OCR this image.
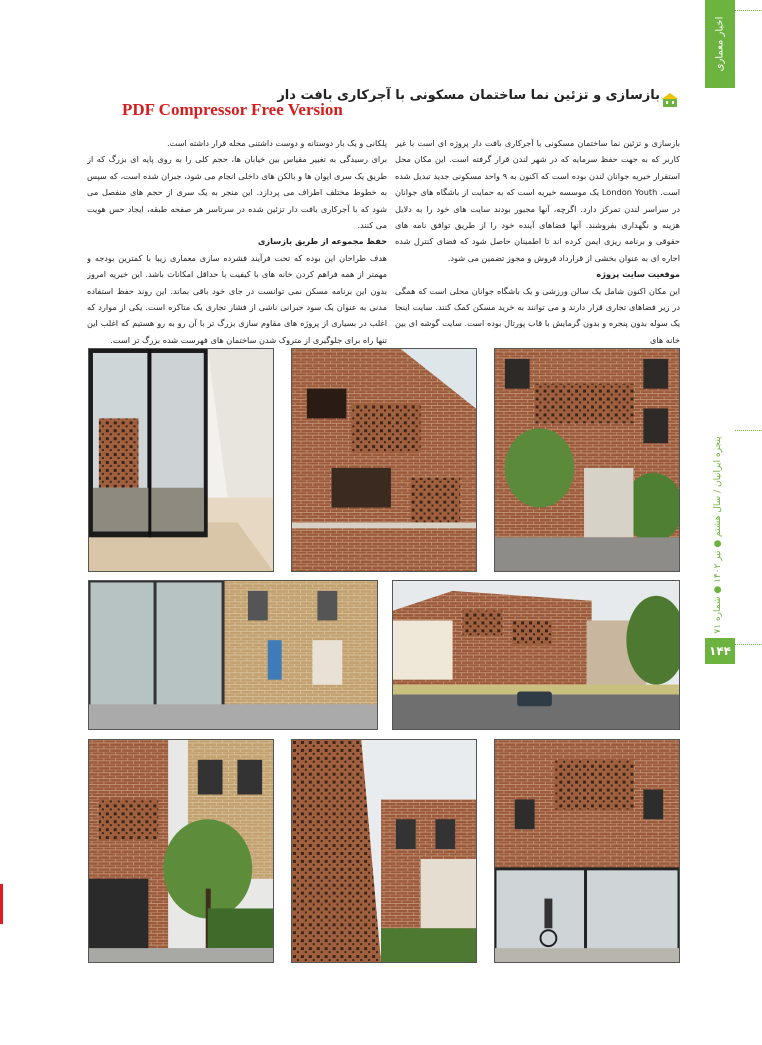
اخبار معماری
پنجره ایرانیان / سال هشتم ● تیر ۱۴۰۲ ● شماره ۷۱
۱۴۴
بازسازی و تزئین نما ساختمان مسکونی با آجرکاری بافت دار
PDF Compressor Free Version

بازسازی و تزئین نما ساختمان مسکونی با آجرکاری بافت دار پروژه ای است با غیر کاربر که به جهت حفظ سرمایه که در شهر لندن قرار گرفته است. این مکان محل استقرار خیریه جوانان لندن بوده است که اکنون به ۹ واحد مسکونی جدید تبدیل شده است. London Youth یک موسسه خیریه است که به حمایت از باشگاه های جوانان در سراسر لندن تمرکز دارد. اگرچه، آنها مجبور بودند سایت های خود را به دلایل هزینه و نگهداری بفروشند. آنها فضاهای آینده خود را از طریق توافق نامه های حقوقی و برنامه ریزی ایمن کرده اند تا اطمینان حاصل شود که فضای کنترل شده اجاره ای به عنوان بخشی از قرارداد فروش و مجوز تضمین می شود.

موقعیت سایت پروژه

این مکان اکنون شامل یک سالن ورزشی و یک باشگاه جوانان محلی است که همگی در زیر فضاهای تجاری قرار دارند و می توانند به خرید مسکن کمک کنند. سایت اینجا یک سوله بدون پنجره و بدون گرمایش با قاب پورتال بوده است. سایت گوشه ای بین خانه های

پلکانی و یک بار دوستانه و دوست داشتنی محله قرار داشته است.

برای رسیدگی به تغییر مقیاس بین خیابان ها، حجم کلی را به روی پایه ای بزرگ که از طریق یک سری ایوان ها و بالکن های داخلی انجام می شود، جبران شده است، که سپس به خطوط مختلف اطراف می پردازد. این منجر به یک سری از حجم های منفصل می شود که با آجرکاری بافت دار تزئین شده در سرتاسر هر صفحه طبقه، ایجاد حس هویت می کنند.

حفظ مجموعه از طریق بازسازی

هدف طراحان این بوده که تحت فرآیند فشرده سازی معماری زیبا با کمترین بودجه و مهمتر از همه فراهم کردن خانه های با کیفیت با حداقل امکانات باشد. این خیریه امروز بدون این برنامه مسکن نمی توانست در جای خود باقی بماند. این روند حفظ استفاده مدنی به عنوان یک سود جبرانی ناشی از فشار تجاری یک متاکره است. یکی از موارد که اغلب در بسیاری از پروژه های مقاوم سازی بزرگ تر با آن رو به رو هستیم که اغلب این تنها راه برای جلوگیری از متروک شدن ساختمان های فهرست شده بزرگ تر است.
